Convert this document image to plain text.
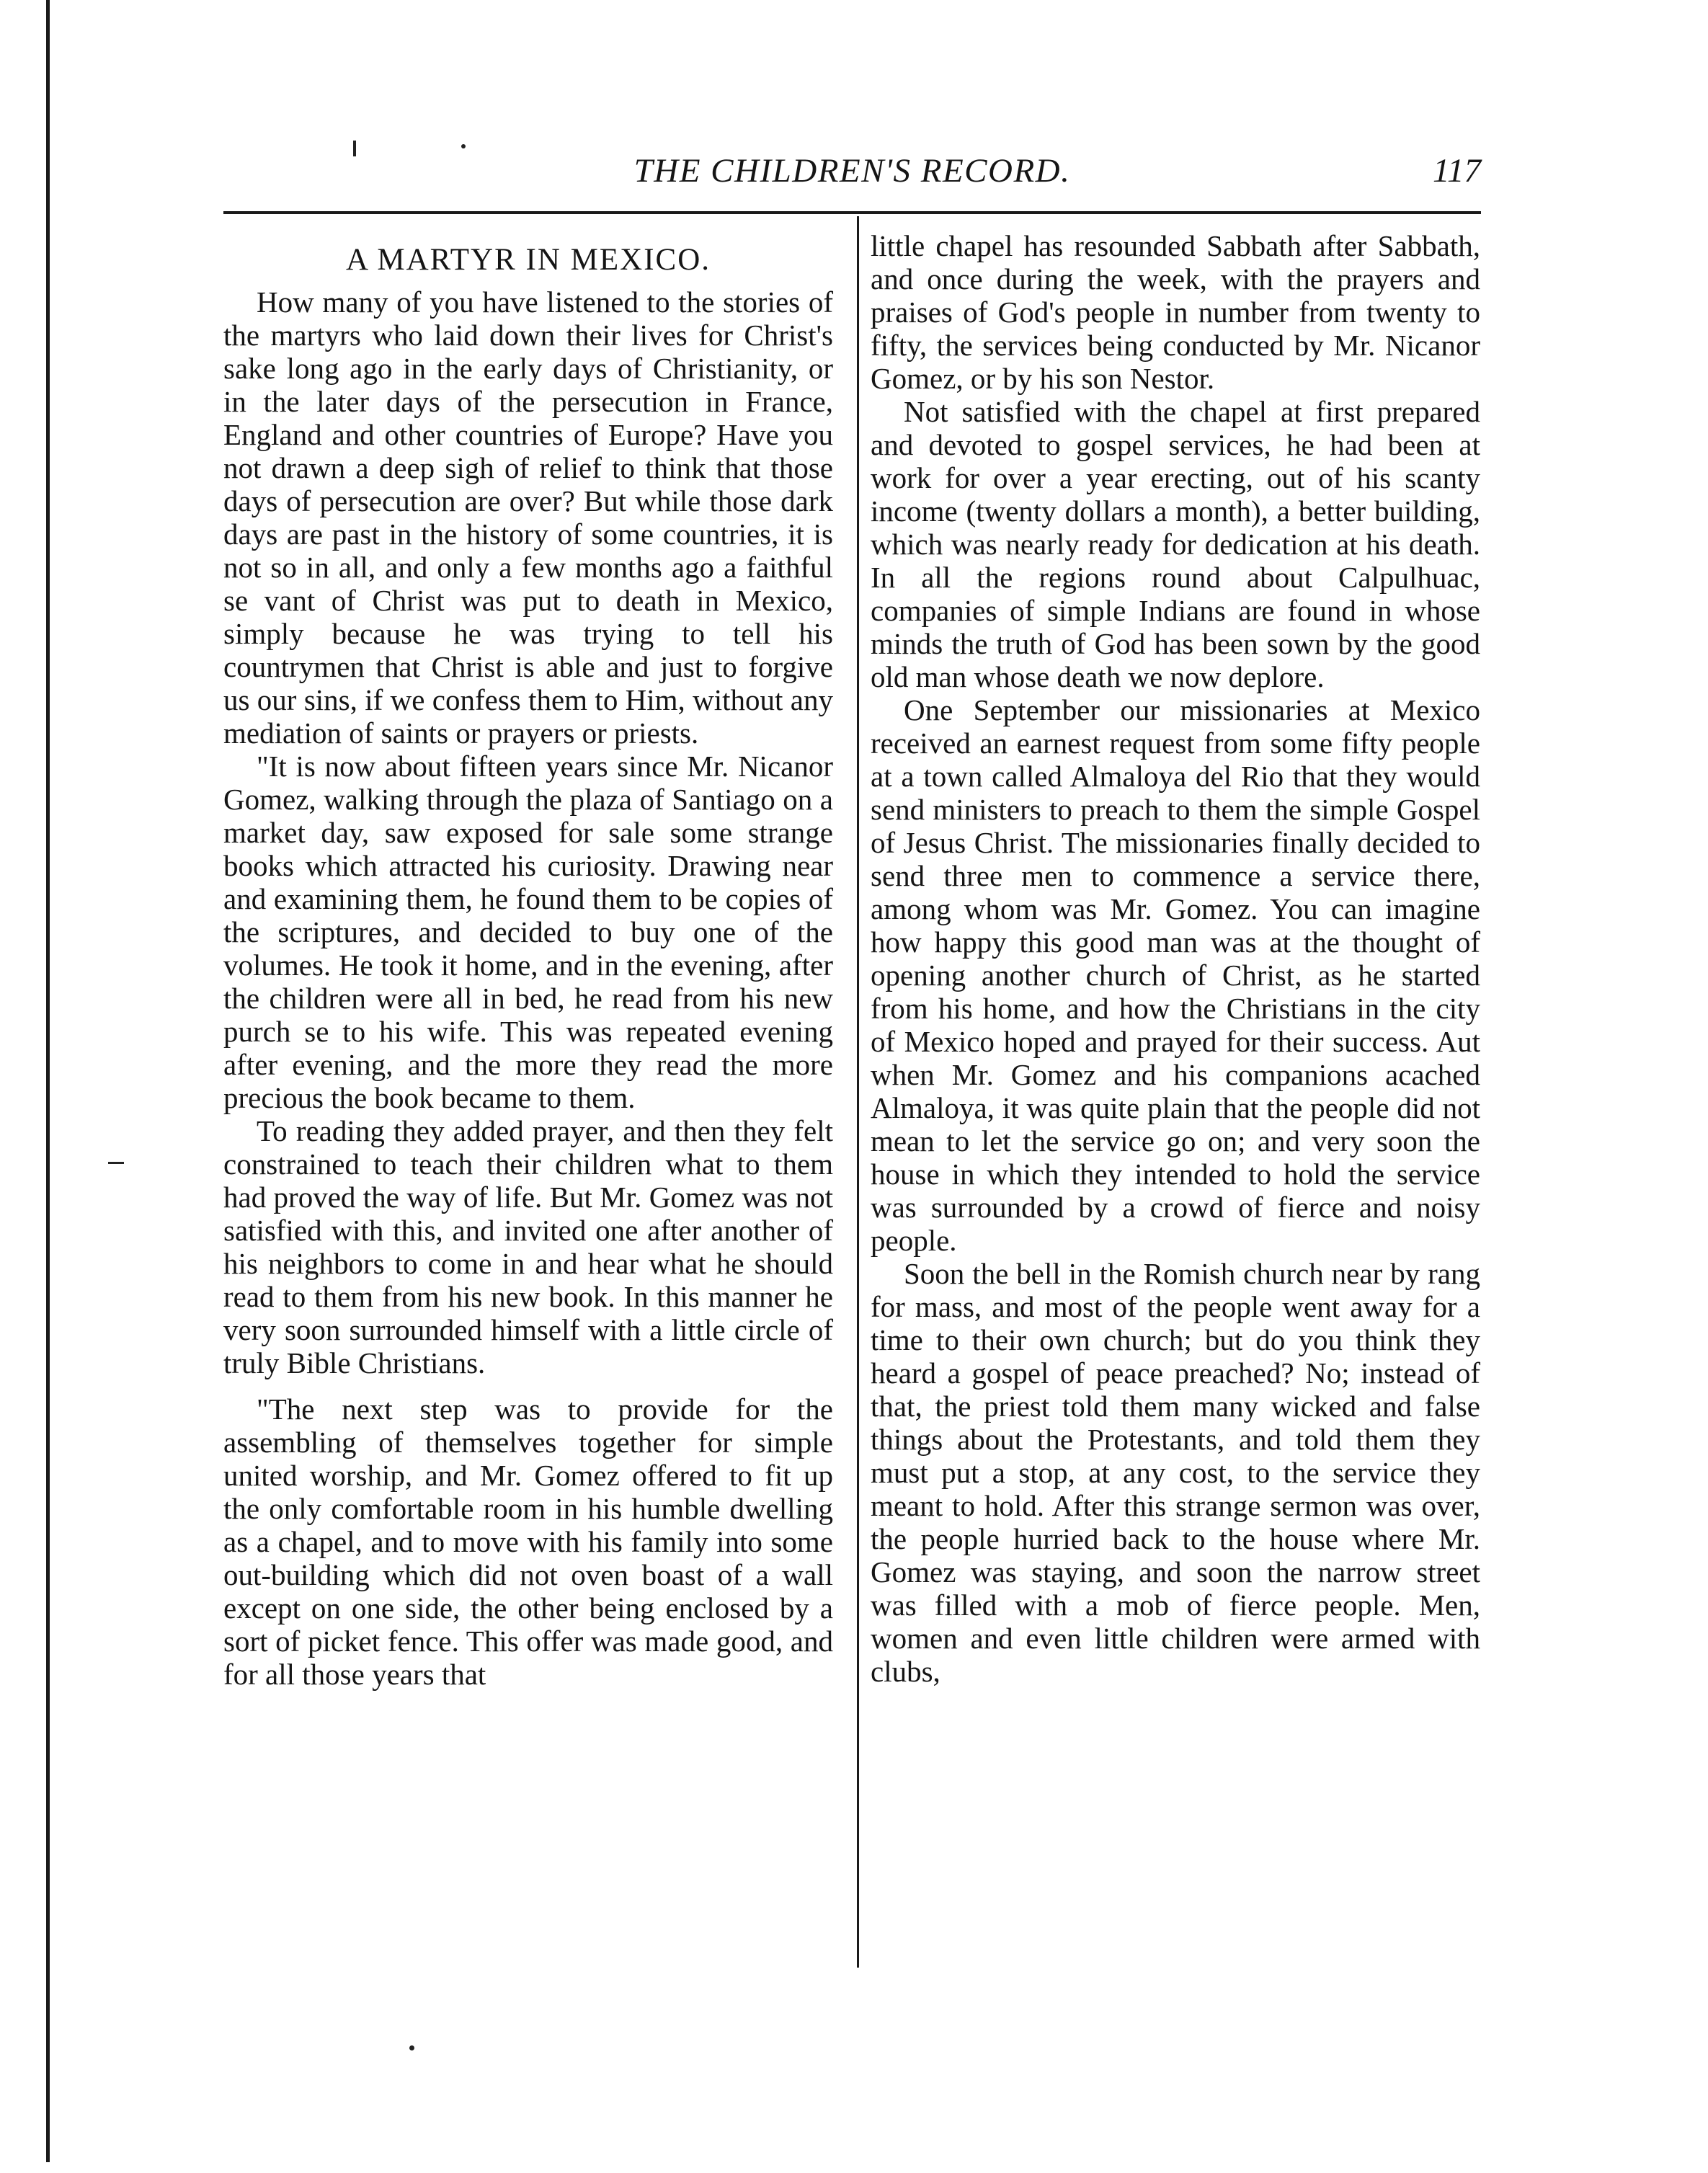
THE CHILDREN'S RECORD.	117
A MARTYR IN MEXICO.

How many of you have listened to the stories of the martyrs who laid down their lives for Christ's sake long ago in the early days of Christianity, or in the later days of the persecution in France, England and other countries of Europe? Have you not drawn a deep sigh of relief to think that those days of persecution are over? But while those dark days are past in the history of some countries, it is not so in all, and only a few months ago a faithful se vant of Christ was put to death in Mexico, simply because he was trying to tell his countrymen that Christ is able and just to forgive us our sins, if we confess them to Him, without any mediation of saints or prayers or priests.

"It is now about fifteen years since Mr. Nicanor Gomez, walking through the plaza of Santiago on a market day, saw exposed for sale some strange books which attracted his curiosity. Drawing near and examining them, he found them to be copies of the scriptures, and decided to buy one of the volumes. He took it home, and in the evening, after the children were all in bed, he read from his new purch se to his wife. This was repeated evening after evening, and the more they read the more precious the book became to them.

To reading they added prayer, and then they felt constrained to teach their children what to them had proved the way of life. But Mr. Gomez was not satisfied with this, and invited one after another of his neighbors to come in and hear what he should read to them from his new book. In this manner he very soon surrounded himself with a little circle of truly Bible Christians.

"The next step was to provide for the assembling of themselves together for simple united worship, and Mr. Gomez offered to fit up the only comfortable room in his humble dwelling as a chapel, and to move with his family into some out-building which did not oven boast of a wall except on one side, the other being enclosed by a sort of picket fence. This offer was made good, and for all those years that

little chapel has resounded Sabbath after Sabbath, and once during the week, with the prayers and praises of God's people in number from twenty to fifty, the services being conducted by Mr. Nicanor Gomez, or by his son Nestor.

Not satisfied with the chapel at first prepared and devoted to gospel services, he had been at work for over a year erecting, out of his scanty income (twenty dollars a month), a better building, which was nearly ready for dedication at his death. In all the regions round about Calpulhuac, companies of simple Indians are found in whose minds the truth of God has been sown by the good old man whose death we now deplore.

One September our missionaries at Mexico received an earnest request from some fifty people at a town called Almaloya del Rio that they would send ministers to preach to them the simple Gospel of Jesus Christ. The missionaries finally decided to send three men to commence a service there, among whom was Mr. Gomez. You can imagine how happy this good man was at the thought of opening another church of Christ, as he started from his home, and how the Christians in the city of Mexico hoped and prayed for their success. Aut when Mr. Gomez and his companions acached Almaloya, it was quite plain that the people did not mean to let the service go on; and very soon the house in which they intended to hold the service was surrounded by a crowd of fierce and noisy people.

Soon the bell in the Romish church near by rang for mass, and most of the people went away for a time to their own church; but do you think they heard a gospel of peace preached? No; instead of that, the priest told them many wicked and false things about the Protestants, and told them they must put a stop, at any cost, to the service they meant to hold. After this strange sermon was over, the people hurried back to the house where Mr. Gomez was staying, and soon the narrow street was filled with a mob of fierce people. Men, women and even little children were armed with clubs,
